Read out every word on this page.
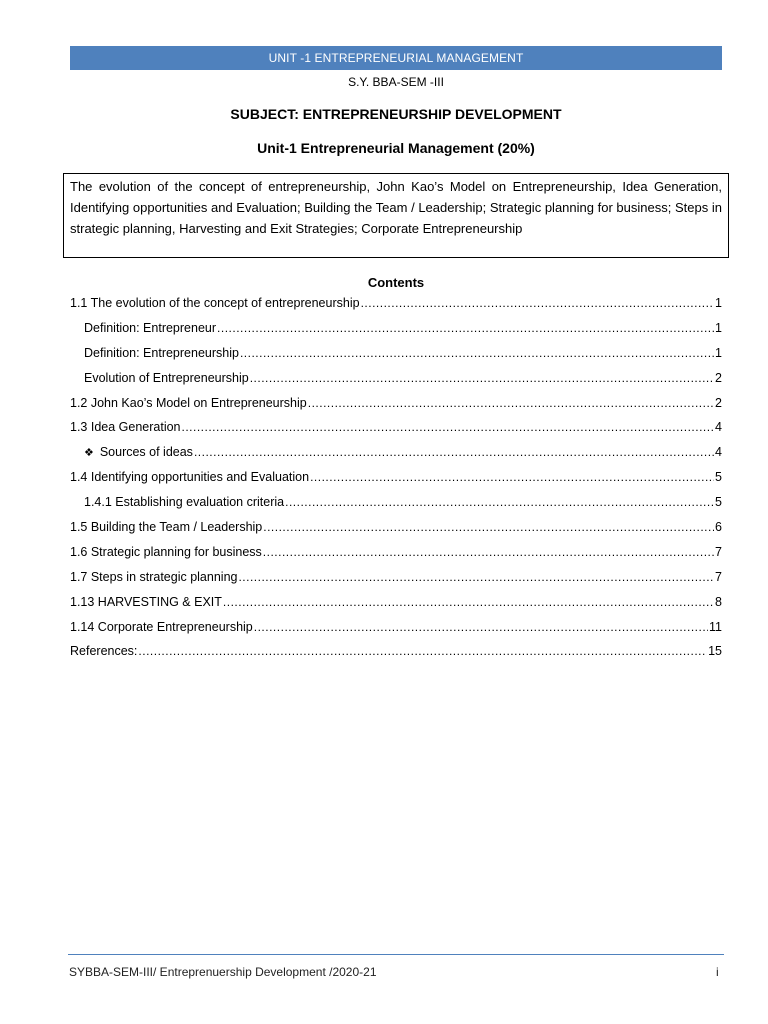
UNIT -1 ENTREPRENEURIAL MANAGEMENT
S.Y. BBA-SEM -III
SUBJECT: ENTREPRENEURSHIP DEVELOPMENT
Unit-1 Entrepreneurial Management (20%)
The evolution of the concept of entrepreneurship, John Kao’s Model on Entrepreneurship, Idea Generation, Identifying opportunities and Evaluation; Building the Team / Leadership; Strategic planning for business; Steps in strategic planning, Harvesting and Exit Strategies; Corporate Entrepreneurship
Contents
1.1 The evolution of the concept of entrepreneurship .....	1
Definition: Entrepreneur .....	1
Definition: Entrepreneurship .....	1
Evolution of Entrepreneurship .....	2
1.2 John Kao’s Model on Entrepreneurship .....	2
1.3 Idea Generation .....	4
❖ Sources of ideas .....	4
1.4 Identifying opportunities and Evaluation .....	5
1.4.1 Establishing evaluation criteria .....	5
1.5 Building the Team / Leadership .....	6
1.6 Strategic planning for business .....	7
1.7 Steps in strategic planning .....	7
1.13 HARVESTING & EXIT .....	8
1.14 Corporate Entrepreneurship .....	11
References: .....	15
SYBBA-SEM-III/ Entreprenuership Development /2020-21	i
